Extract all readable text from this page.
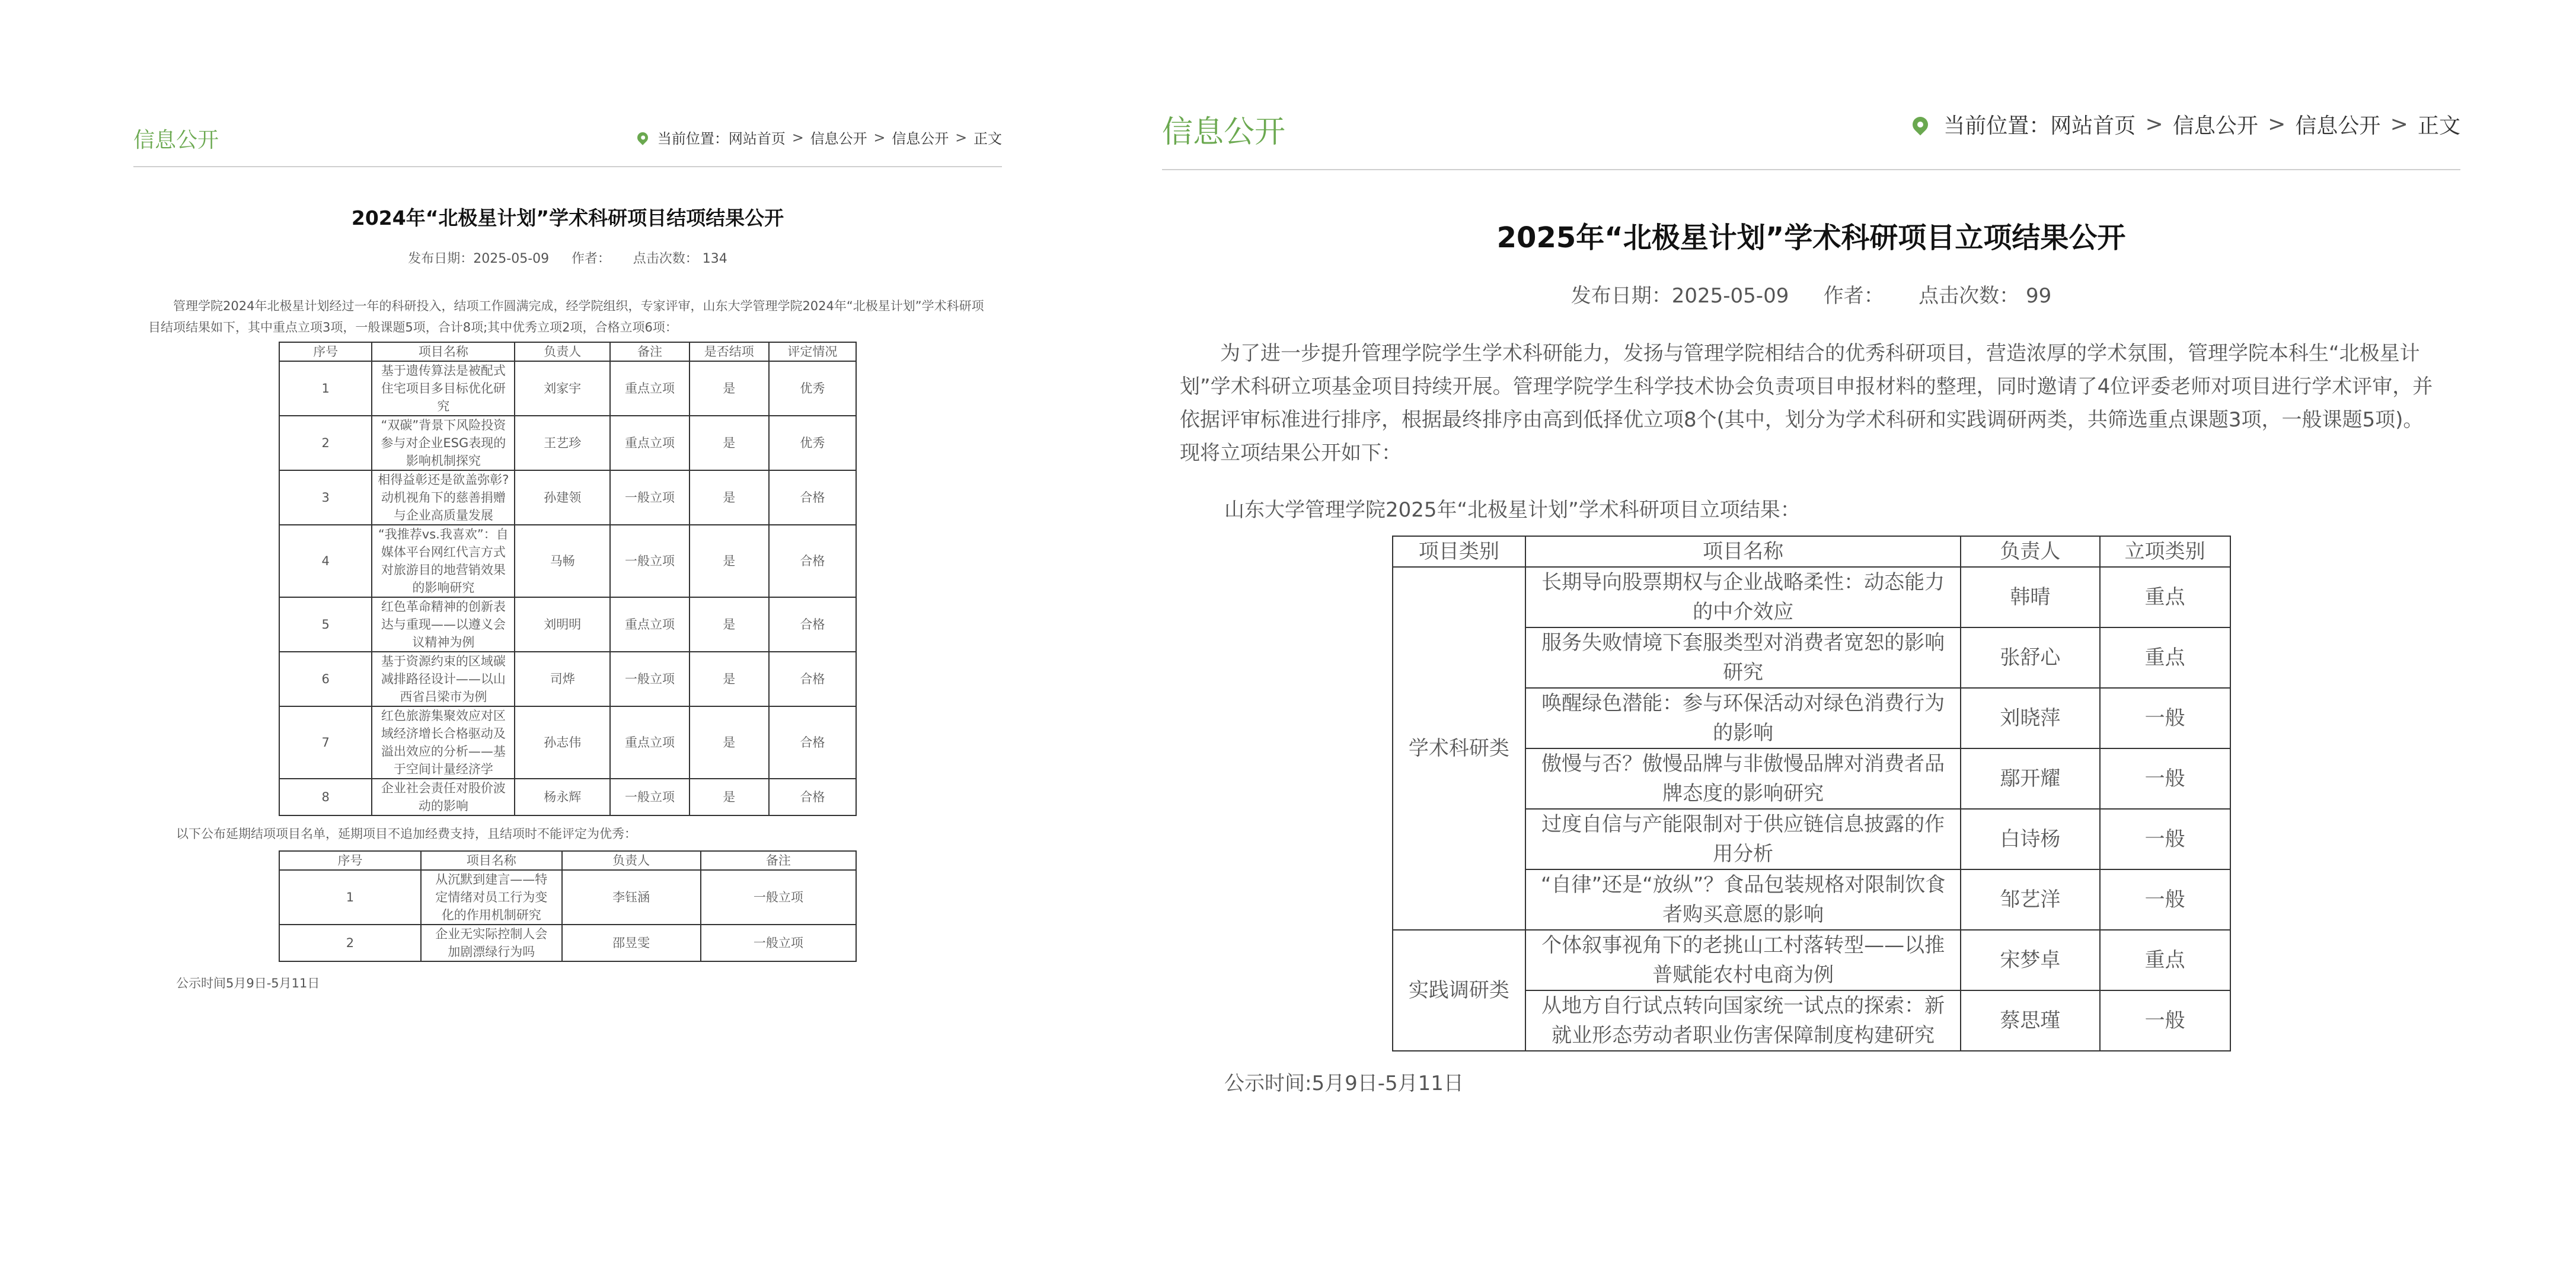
信息公开	当前位置： 网站首页 > 信息公开 > 信息公开 > 正文
2024年“北极星计划”学术科研项目结项结果公开
发布日期：2025-05-09 作者： 点击次数： 134
管理学院2024年北极星计划经过一年的科研投入，结项工作圆满完成，经学院组织，专家评审，山东大学管理学院2024年“北极星计划”学术科研项目结项结果如下，其中重点立项3项，一般课题5项，合计8项;其中优秀立项2项，合格立项6项：
序号	项目名称	负责人	备注	是否结项	评定情况
1	基于遗传算法是被配式住宅项目多目标优化研究	刘家宇	重点立项	是	优秀
2	“双碳”背景下风险投资参与对企业ESG表现的影响机制探究	王艺珍	重点立项	是	优秀
3	相得益彰还是欲盖弥彰?动机视角下的慈善捐赠与企业高质量发展	孙建领	一般立项	是	合格
4	“我推荐vs.我喜欢”：自媒体平台网红代言方式对旅游目的地营销效果的影响研究	马畅	一般立项	是	合格
5	红色革命精神的创新表达与重现——以遵义会议精神为例	刘明明	重点立项	是	合格
6	基于资源约束的区域碳减排路径设计——以山西省吕梁市为例	司烨	一般立项	是	合格
7	红色旅游集聚效应对区域经济增长合格驱动及溢出效应的分析——基于空间计量经济学	孙志伟	重点立项	是	合格
8	企业社会责任对股价波动的影响	杨永辉	一般立项	是	合格
以下公布延期结项项目名单，延期项目不追加经费支持，且结项时不能评定为优秀：
序号	项目名称	负责人	备注
1	从沉默到建言——特定情绪对员工行为变化的作用机制研究	李钰涵	一般立项
2	企业无实际控制人会加剧漂绿行为吗	邵昱雯	一般立项
公示时间5月9日-5月11日
信息公开	当前位置： 网站首页 > 信息公开 > 信息公开 > 正文
2025年“北极星计划”学术科研项目立项结果公开
发布日期：2025-05-09 作者： 点击次数： 99
为了进一步提升管理学院学生学术科研能力，发扬与管理学院相结合的优秀科研项目，营造浓厚的学术氛围，管理学院本科生“北极星计划”学术科研立项基金项目持续开展。管理学院学生科学技术协会负责项目申报材料的整理，同时邀请了4位评委老师对项目进行学术评审，并依据评审标准进行排序，根据最终排序由高到低择优立项8个(其中，划分为学术科研和实践调研两类，共筛选重点课题3项，一般课题5项)。现将立项结果公开如下：
山东大学管理学院2025年“北极星计划”学术科研项目立项结果：
项目类别	项目名称	负责人	立项类别
学术科研类	长期导向股票期权与企业战略柔性：动态能力的中介效应	韩晴	重点
	服务失败情境下套服类型对消费者宽恕的影响研究	张舒心	重点
	唤醒绿色潜能：参与环保活动对绿色消费行为的影响	刘晓萍	一般
	傲慢与否？傲慢品牌与非傲慢品牌对消费者品牌态度的影响研究	鄢开耀	一般
	过度自信与产能限制对于供应链信息披露的作用分析	白诗杨	一般
	“自律”还是“放纵”？食品包装规格对限制饮食者购买意愿的影响	邹艺洋	一般
实践调研类	个体叙事视角下的老挑山工村落转型——以推普赋能农村电商为例	宋梦卓	重点
	从地方自行试点转向国家统一试点的探索：新就业形态劳动者职业伤害保障制度构建研究	蔡思瑾	一般
公示时间:5月9日-5月11日
